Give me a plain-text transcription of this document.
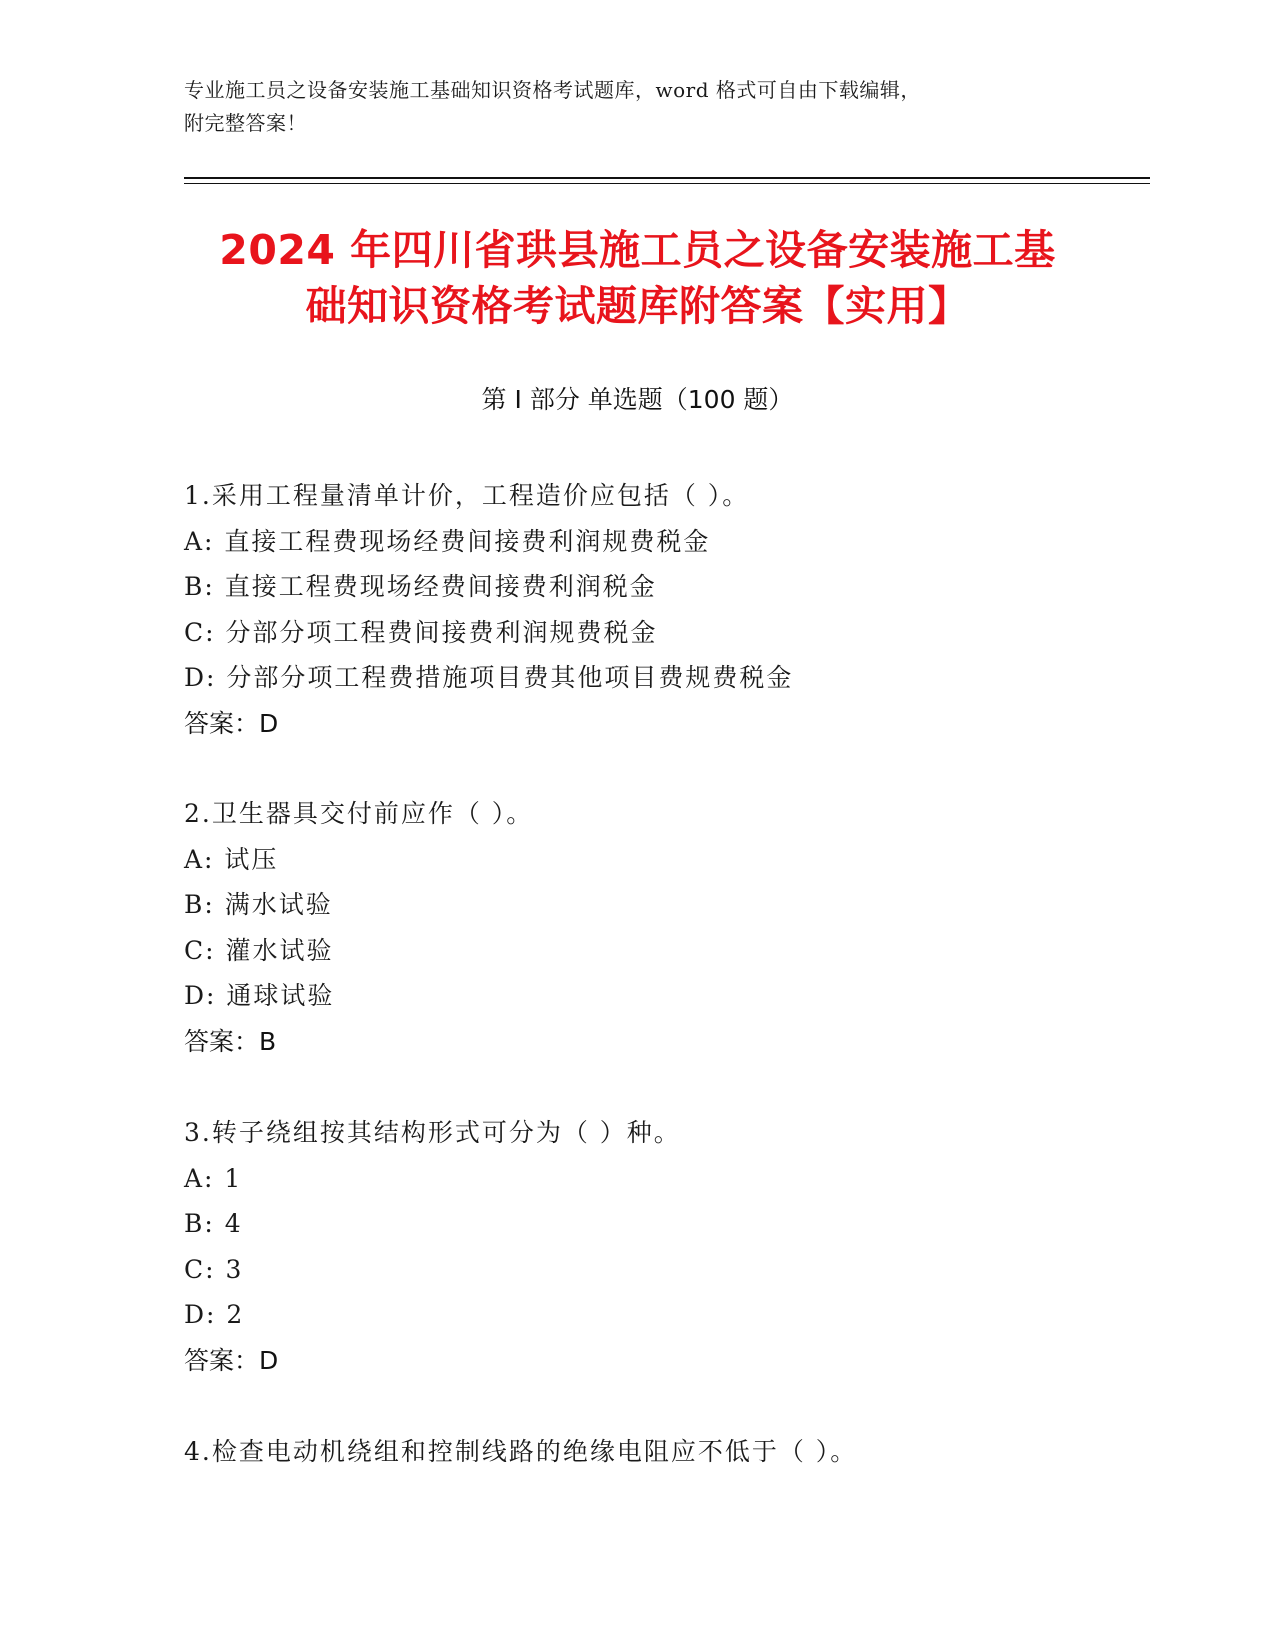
专业施工员之设备安装施工基础知识资格考试题库，word 格式可自由下载编辑，
附完整答案！
2024 年四川省珙县施工员之设备安装施工基
础知识资格考试题库附答案【实用】
第 I 部分 单选题（100 题）
1.采用工程量清单计价，工程造价应包括（ ）。
A: 直接工程费现场经费间接费利润规费税金
B: 直接工程费现场经费间接费利润税金
C: 分部分项工程费间接费利润规费税金
D: 分部分项工程费措施项目费其他项目费规费税金
答案：D
2.卫生器具交付前应作（ ）。
A: 试压
B: 满水试验
C: 灌水试验
D: 通球试验
答案：B
3.转子绕组按其结构形式可分为（ ）种。
A: 1
B: 4
C: 3
D: 2
答案：D
4.检查电动机绕组和控制线路的绝缘电阻应不低于（ ）。
